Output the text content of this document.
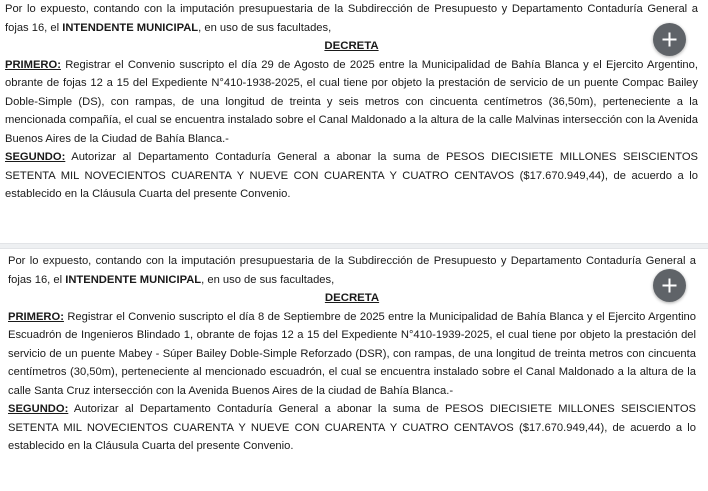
Por lo expuesto, contando con la imputación presupuestaria de la Subdirección de Presupuesto y Departamento Contaduría General a fojas 16, el INTENDENTE MUNICIPAL, en uso de sus facultades,

DECRETA

PRIMERO: Registrar el Convenio suscripto el día 29 de Agosto de 2025 entre la Municipalidad de Bahía Blanca y el Ejercito Argentino, obrante de fojas 12 a 15 del Expediente N°410-1938-2025, el cual tiene por objeto la prestación de servicio de un puente Compac Bailey Doble-Simple (DS), con rampas, de una longitud de treinta y seis metros con cincuenta centímetros (36,50m), perteneciente a la mencionada compañía, el cual se encuentra instalado sobre el Canal Maldonado a la altura de la calle Malvinas intersección con la Avenida Buenos Aires de la Ciudad de Bahía Blanca.-

SEGUNDO: Autorizar al Departamento Contaduría General a abonar la suma de PESOS DIECISIETE MILLONES SEISCIENTOS SETENTA MIL NOVECIENTOS CUARENTA Y NUEVE CON CUARENTA Y CUATRO CENTAVOS ($17.670.949,44), de acuerdo a lo establecido en la Cláusula Cuarta del presente Convenio.

Por lo expuesto, contando con la imputación presupuestaria de la Subdirección de Presupuesto y Departamento Contaduría General a fojas 16, el INTENDENTE MUNICIPAL, en uso de sus facultades,

DECRETA

PRIMERO: Registrar el Convenio suscripto el día 8 de Septiembre de 2025 entre la Municipalidad de Bahía Blanca y el Ejercito Argentino Escuadrón de Ingenieros Blindado 1, obrante de fojas 12 a 15 del Expediente N°410-1939-2025, el cual tiene por objeto la prestación del servicio de un puente Mabey - Súper Bailey Doble-Simple Reforzado (DSR), con rampas, de una longitud de treinta metros con cincuenta centímetros (30,50m), perteneciente al mencionado escuadrón, el cual se encuentra instalado sobre el Canal Maldonado a la altura de la calle Santa Cruz intersección con la Avenida Buenos Aires de la ciudad de Bahía Blanca.-

SEGUNDO: Autorizar al Departamento Contaduría General a abonar la suma de PESOS DIECISIETE MILLONES SEISCIENTOS SETENTA MIL NOVECIENTOS CUARENTA Y NUEVE CON CUARENTA Y CUATRO CENTAVOS ($17.670.949,44), de acuerdo a lo establecido en la Cláusula Cuarta del presente Convenio.
